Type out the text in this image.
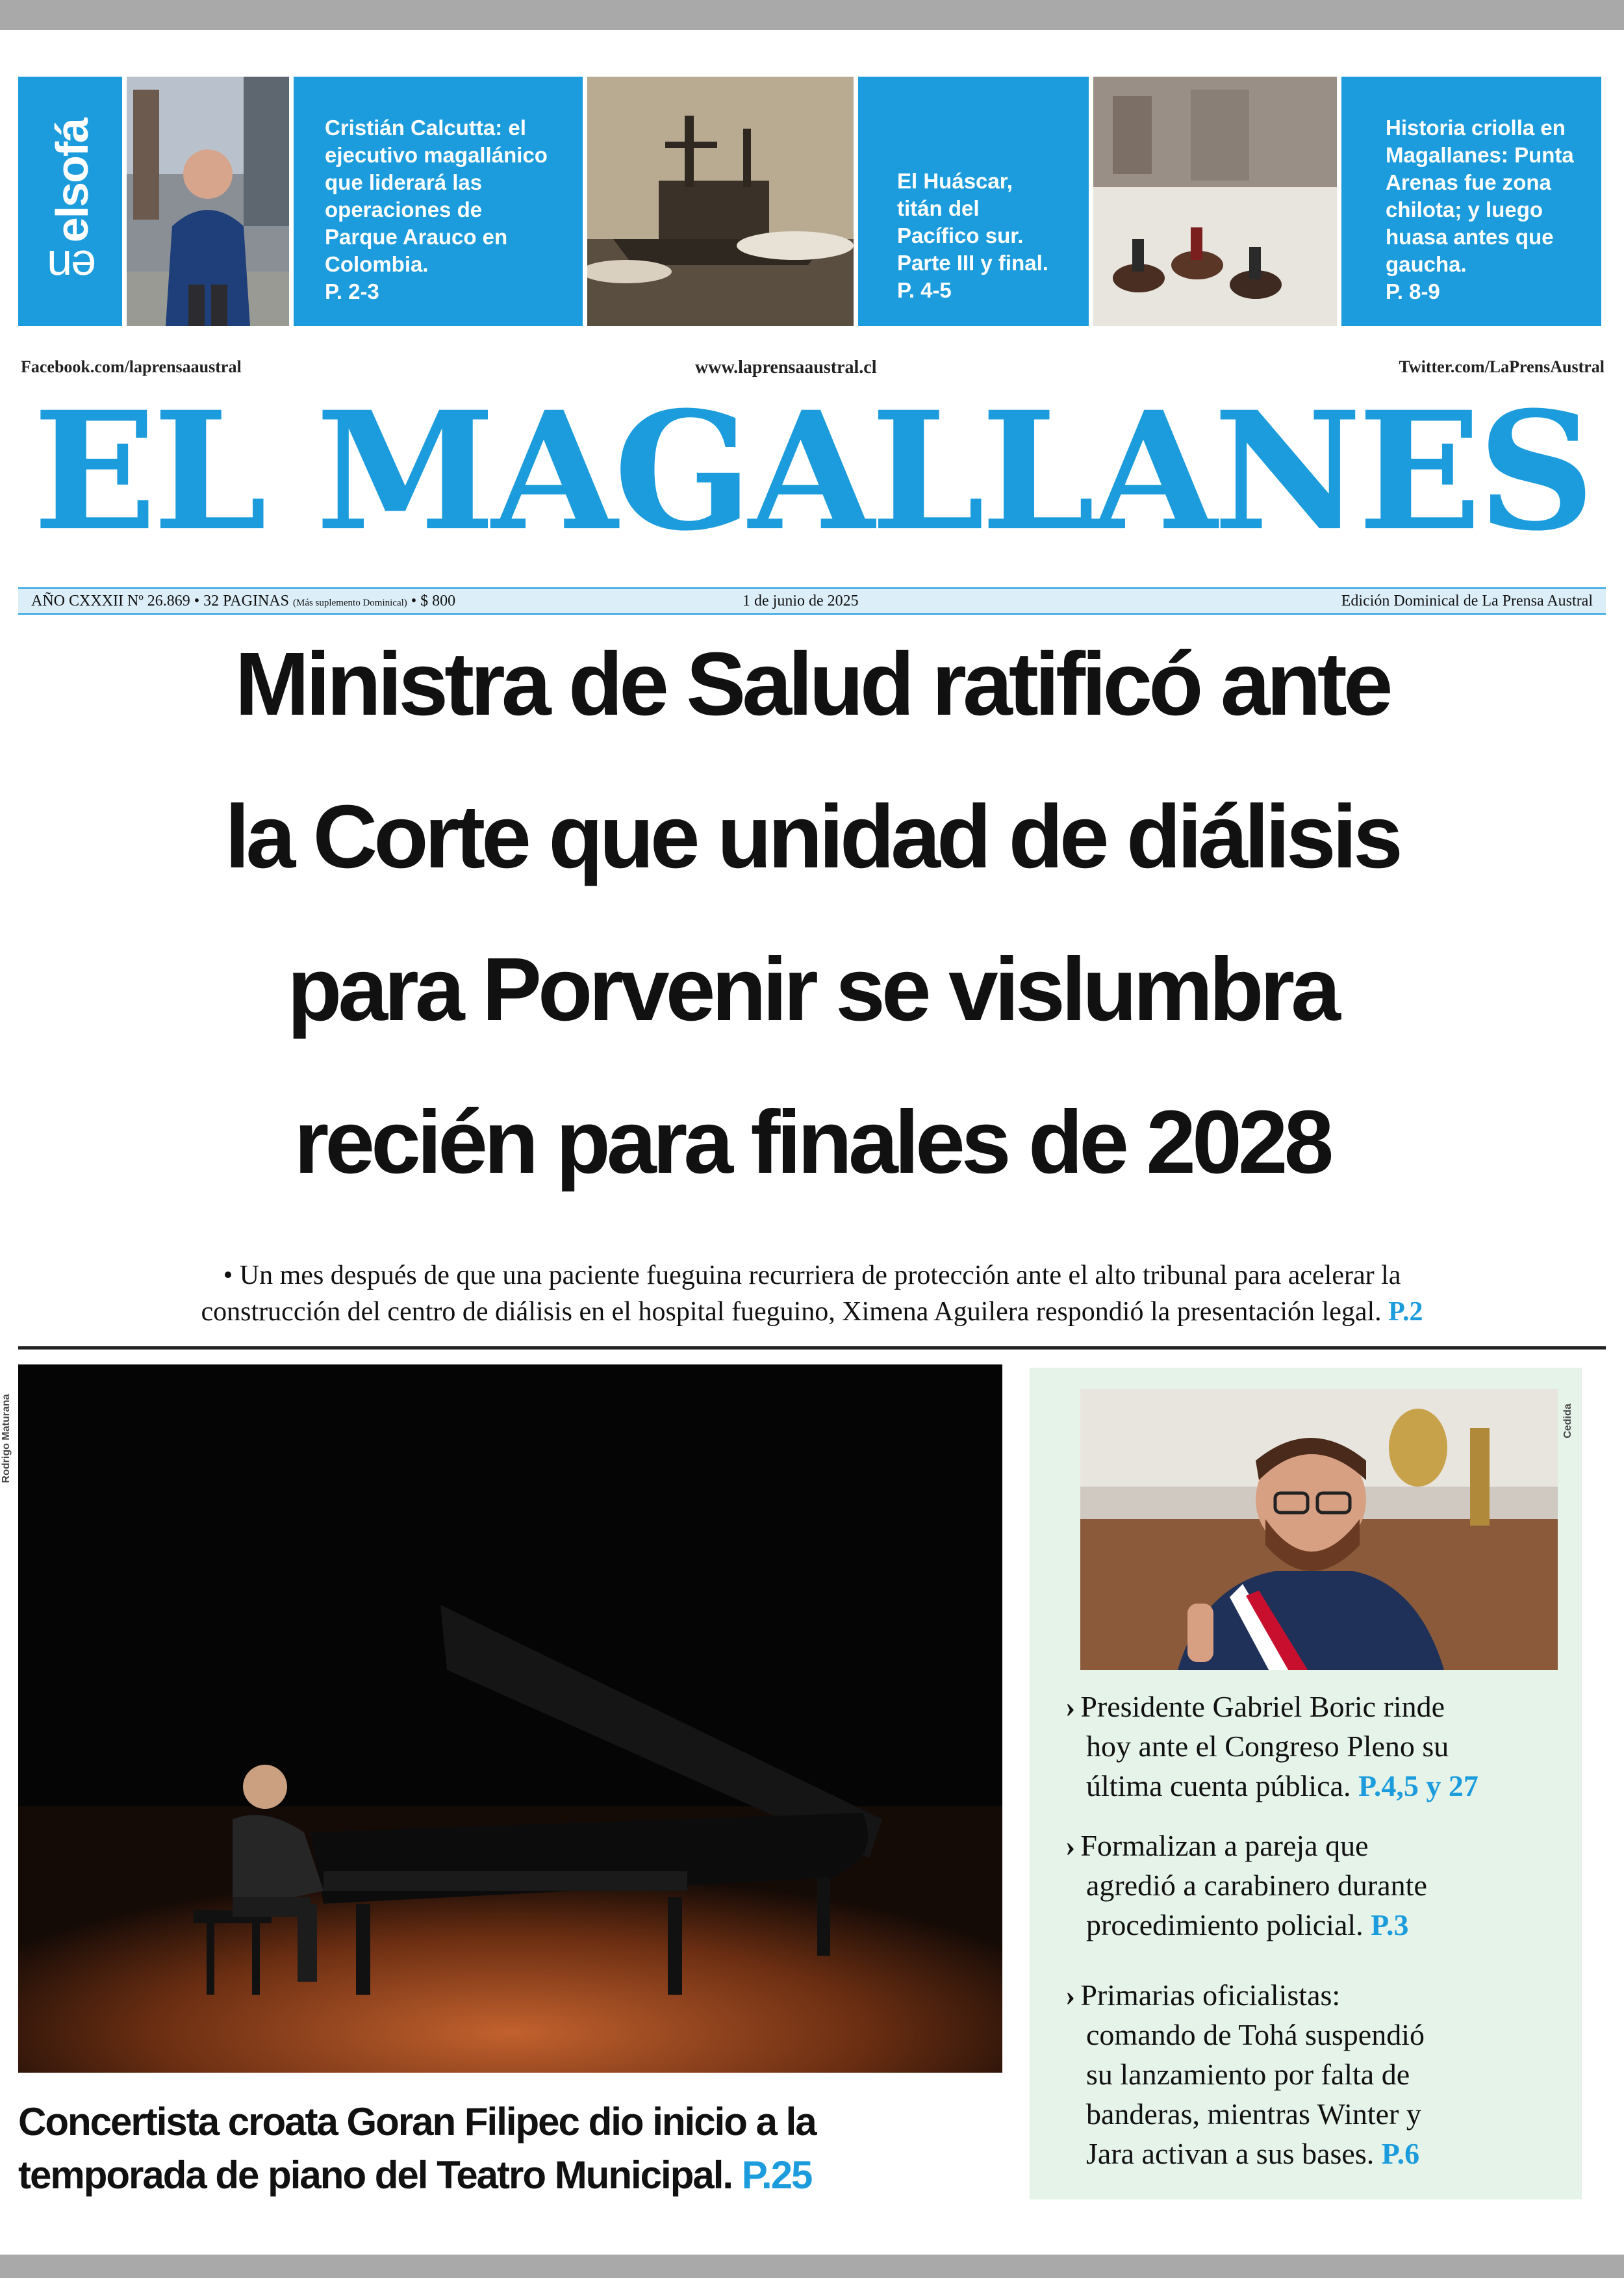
enelsofá	Cristián Calcutta: el
ejecutivo magallánico
que liderará las
operaciones de
Parque Arauco en
Colombia.
P. 2-3
El Huáscar,
titán del
Pacífico sur.
Parte III y final.
P. 4-5
Historia criolla en
Magallanes: Punta
Arenas fue zona
chilota; y luego
huasa antes que
gaucha.
P. 8-9
Facebook.com/laprensaaustral	www.laprensaaustral.cl	Twitter.com/LaPrensAustral
EL MAGALLANES
AÑO CXXXII Nº 26.869 • 32 PAGINAS (Más suplemento Dominical) • $ 800	1 de junio de 2025	Edición Dominical de La Prensa Austral
Ministra de Salud ratificó ante
la Corte que unidad de diálisis
para Porvenir se vislumbra
recién para finales de 2028
• Un mes después de que una paciente fueguina recurriera de protección ante el alto tribunal para acelerar la
construcción del centro de diálisis en el hospital fueguino, Ximena Aguilera respondió la presentación legal. P.2
Rodrigo Maturana
Concertista croata Goran Filipec dio inicio a la
temporada de piano del Teatro Municipal. P.25
Cedida
› Presidente Gabriel Boric rinde
hoy ante el Congreso Pleno su
última cuenta pública. P.4,5 y 27
› Formalizan a pareja que
agredió a carabinero durante
procedimiento policial. P.3
› Primarias oficialistas:
comando de Tohá suspendió
su lanzamiento por falta de
banderas, mientras Winter y
Jara activan a sus bases. P.6
